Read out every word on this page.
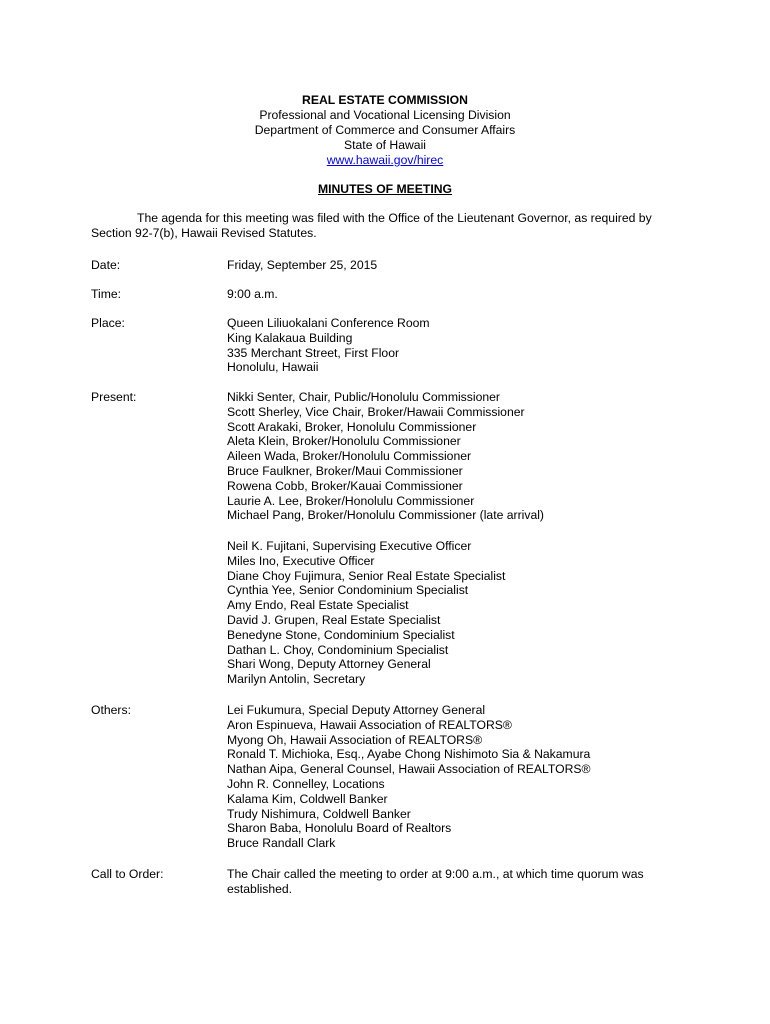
REAL ESTATE COMMISSION
Professional and Vocational Licensing Division
Department of Commerce and Consumer Affairs
State of Hawaii
www.hawaii.gov/hirec
MINUTES OF MEETING
The agenda for this meeting was filed with the Office of the Lieutenant Governor, as required by
Section 92-7(b), Hawaii Revised Statutes.
Date:	Friday, September 25, 2015
Time:	9:00 a.m.
Place:	Queen Liliuokalani Conference Room
King Kalakaua Building
335 Merchant Street, First Floor
Honolulu, Hawaii
Present:	Nikki Senter, Chair, Public/Honolulu Commissioner
Scott Sherley, Vice Chair, Broker/Hawaii Commissioner
Scott Arakaki, Broker, Honolulu Commissioner
Aleta Klein, Broker/Honolulu Commissioner
Aileen Wada, Broker/Honolulu Commissioner
Bruce Faulkner, Broker/Maui Commissioner
Rowena Cobb, Broker/Kauai Commissioner
Laurie A. Lee, Broker/Honolulu Commissioner
Michael Pang, Broker/Honolulu Commissioner (late arrival)
Neil K. Fujitani, Supervising Executive Officer
Miles Ino, Executive Officer
Diane Choy Fujimura, Senior Real Estate Specialist
Cynthia Yee, Senior Condominium Specialist
Amy Endo, Real Estate Specialist
David J. Grupen, Real Estate Specialist
Benedyne Stone, Condominium Specialist
Dathan L. Choy, Condominium Specialist
Shari Wong, Deputy Attorney General
Marilyn Antolin, Secretary
Others:	Lei Fukumura, Special Deputy Attorney General
Aron Espinueva, Hawaii Association of REALTORS®
Myong Oh, Hawaii Association of REALTORS®
Ronald T. Michioka, Esq., Ayabe Chong Nishimoto Sia & Nakamura
Nathan Aipa, General Counsel, Hawaii Association of REALTORS®
John R. Connelley, Locations
Kalama Kim, Coldwell Banker
Trudy Nishimura, Coldwell Banker
Sharon Baba, Honolulu Board of Realtors
Bruce Randall Clark
Call to Order:	The Chair called the meeting to order at 9:00 a.m., at which time quorum was
established.
